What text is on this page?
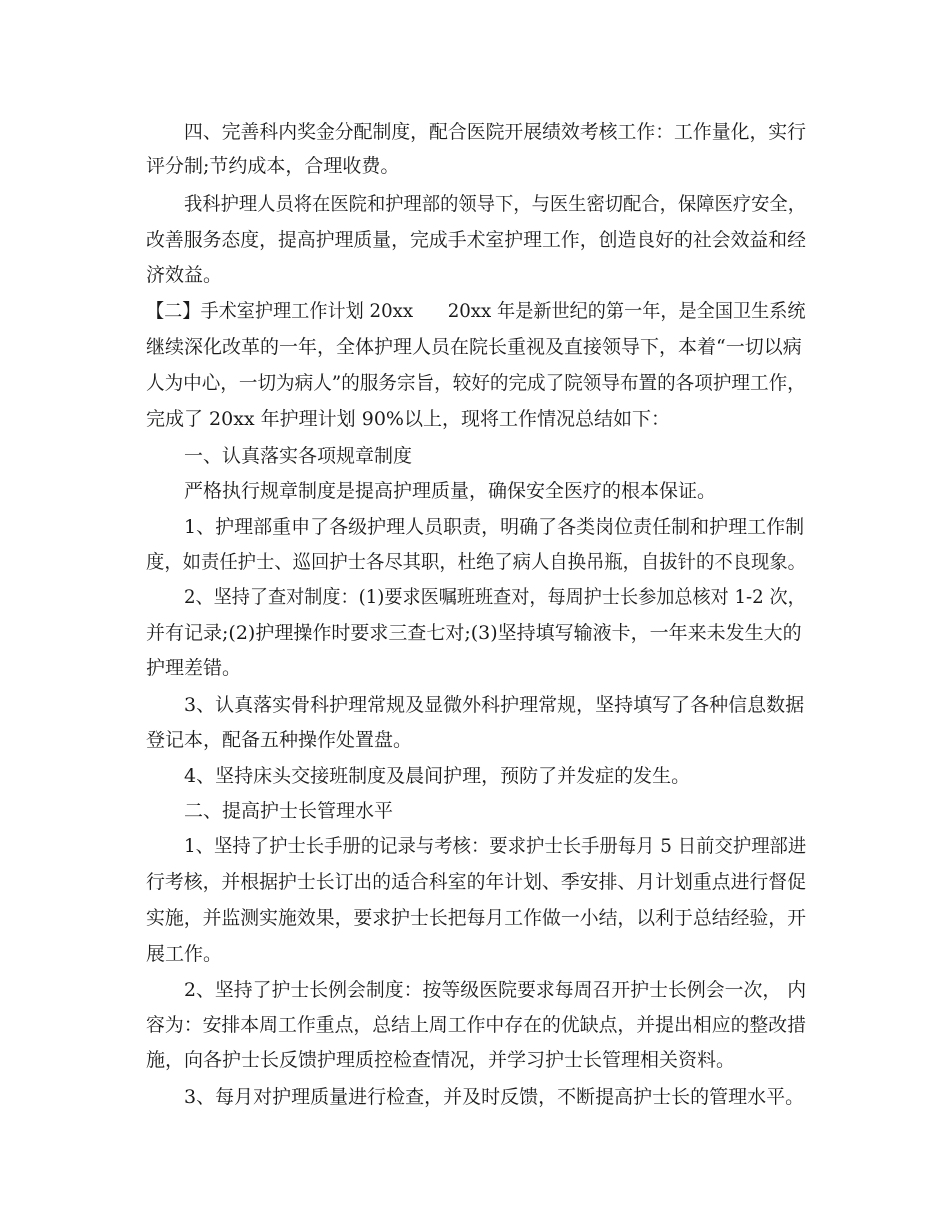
四、完善科内奖金分配制度，配合医院开展绩效考核工作：工作量化，实行
评分制;节约成本，合理收费。
我科护理人员将在医院和护理部的领导下，与医生密切配合，保障医疗安全，
改善服务态度，提高护理质量，完成手术室护理工作，创造良好的社会效益和经
济效益。
【二】手术室护理工作计划 20xx      20xx 年是新世纪的第一年，是全国卫生系统
继续深化改革的一年，全体护理人员在院长重视及直接领导下，本着“一切以病
人为中心，一切为病人”的服务宗旨，较好的完成了院领导布置的各项护理工作，
完成了 20xx 年护理计划 90%以上，现将工作情况总结如下：
一、认真落实各项规章制度
严格执行规章制度是提高护理质量，确保安全医疗的根本保证。
1、护理部重申了各级护理人员职责，明确了各类岗位责任制和护理工作制
度，如责任护士、巡回护士各尽其职，杜绝了病人自换吊瓶，自拔针的不良现象。
2、坚持了查对制度：(1)要求医嘱班班查对，每周护士长参加总核对 1-2 次，
并有记录;(2)护理操作时要求三查七对;(3)坚持填写输液卡，一年来未发生大的
护理差错。
3、认真落实骨科护理常规及显微外科护理常规，坚持填写了各种信息数据
登记本，配备五种操作处置盘。
4、坚持床头交接班制度及晨间护理，预防了并发症的发生。
二、提高护士长管理水平
1、坚持了护士长手册的记录与考核：要求护士长手册每月 5 日前交护理部进
行考核，并根据护士长订出的适合科室的年计划、季安排、月计划重点进行督促
实施，并监测实施效果，要求护士长把每月工作做一小结，以利于总结经验，开
展工作。
2、坚持了护士长例会制度：按等级医院要求每周召开护士长例会一次， 内
容为：安排本周工作重点，总结上周工作中存在的优缺点，并提出相应的整改措
施，向各护士长反馈护理质控检查情况，并学习护士长管理相关资料。
3、每月对护理质量进行检查，并及时反馈，不断提高护士长的管理水平。
